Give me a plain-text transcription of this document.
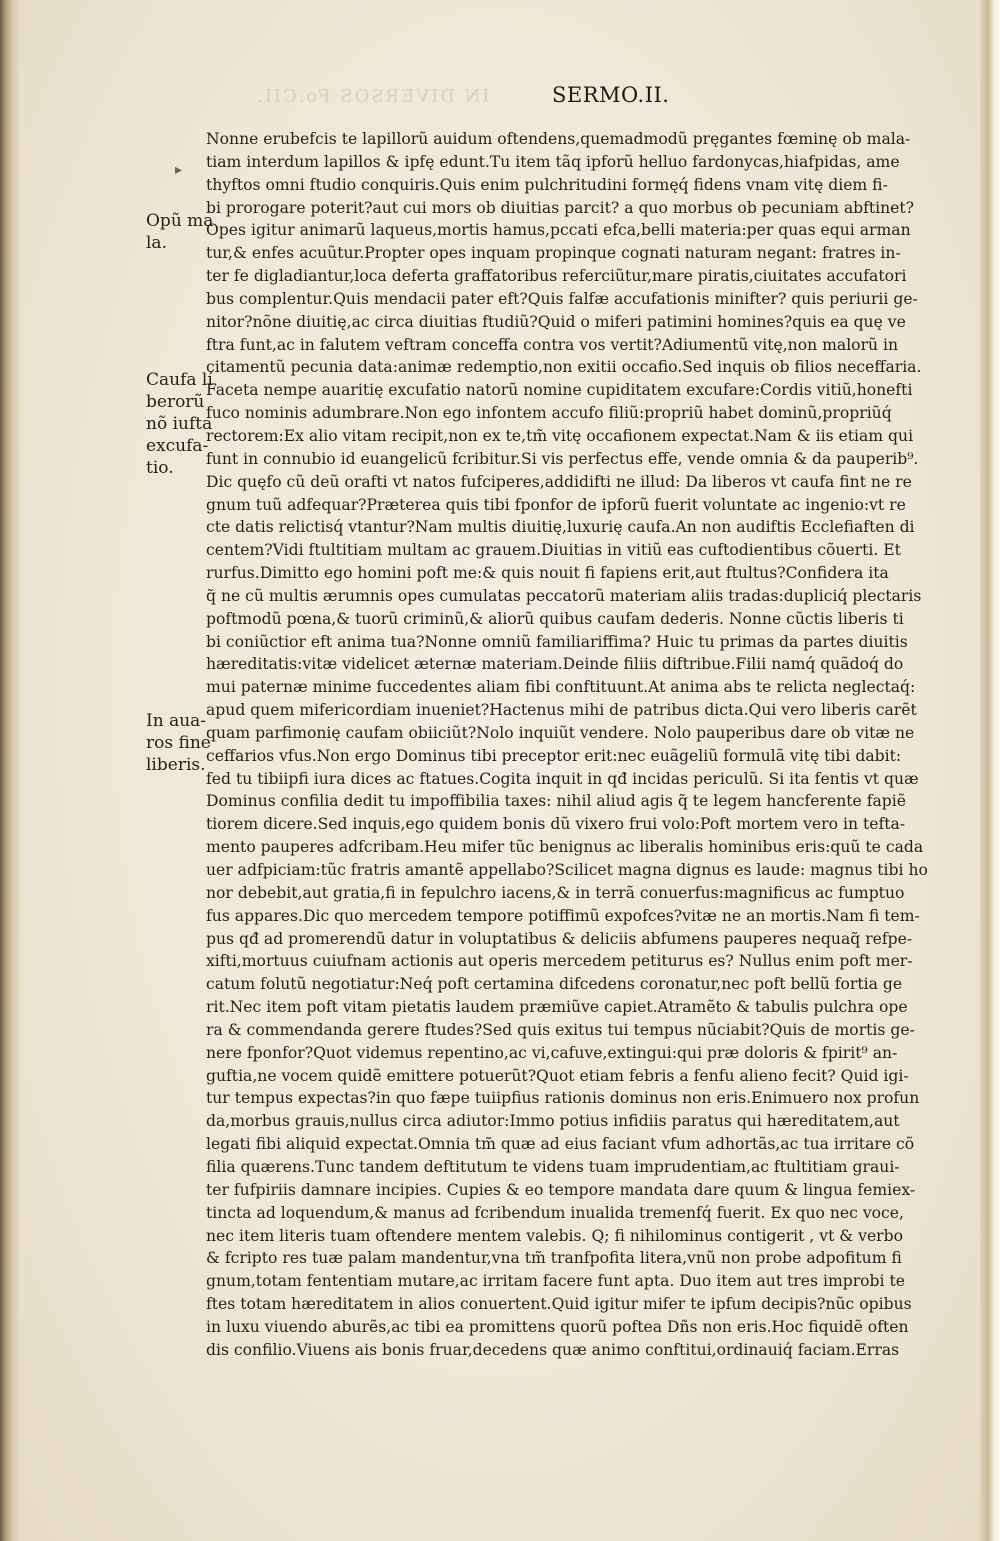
IN DIVERSOS Fo.CII.	SERMO.II.
Opũ ma
la.
Caufa lí
berorũ
nõ iufta
excufa-
tio.
In aua-
ros fine
liberis.
▸
Nonne erubefcis te lapillorũ auidum oftendens,quemadmodũ pręgantes fœminę ob mala-
tiam interdum lapillos & ipfę edunt.Tu item tãq ipforũ helluo fardonycas,hiafpidas, ame
thyftos omni ftudio conquiris.Quis enim pulchritudini formęq́ fidens vnam vitę diem fi-
bi prorogare poterit?aut cui mors ob diuitias parcit? a quo morbus ob pecuniam abftinet?
Opes igitur animarũ laqueus,mortis hamus,pccati efca,belli materia:per quas equi arman
tur,& enfes acuũtur.Propter opes inquam propinque cognati naturam negant: fratres in-
ter fe digladiantur,loca deferta graffatoribus referciũtur,mare piratis,ciuitates accufatori
bus complentur.Quis mendacii pater eft?Quis falfæ accufationis minifter? quis periurii ge-
nitor?nõne diuitię,ac circa diuitias ftudiũ?Quid o miferi patimini homines?quis ea quę ve
ftra funt,ac in falutem veftram conceffa contra vos vertit?Adiumentũ vitę,non malorũ in
citamentũ pecunia data:animæ redemptio,non exitii occafio.Sed inquis ob filios neceffaria.
Faceta nempe auaritię excufatio natorũ nomine cupiditatem excufare:Cordis vitiũ,honefti
fuco nominis adumbrare.Non ego infontem accufo filiũ:propriũ habet dominũ,propriũq́
rectorem:Ex alio vitam recipit,non ex te,tm̃ vitę occafionem expectat.Nam & iis etiam qui
funt in connubio id euangelicũ fcribitur.Si vis perfectus effe, vende omnia & da pauperib⁹.
Dic quęfo cũ deũ orafti vt natos fufciperes,addidifti ne illud: Da liberos vt caufa fint ne re
gnum tuũ adfequar?Præterea quis tibi fponfor de ipforũ fuerit voluntate ac ingenio:vt re
cte datis relictisq́ vtantur?Nam multis diuitię,luxurię caufa.An non audiftis Ecclefiaften di
centem?Vidi ftultitiam multam ac grauem.Diuitias in vitiũ eas cuftodientibus cõuerti. Et
rurfus.Dimitto ego homini poft me:& quis nouit fi fapiens erit,aut ftultus?Confidera ita
q̃ ne cũ multis ærumnis opes cumulatas peccatorũ materiam aliis tradas:dupliciq́ plectaris
poftmodũ pœna,& tuorũ criminũ,& aliorũ quibus caufam dederis. Nonne cũctis liberis ti
bi coniũctior eft anima tua?Nonne omniũ familiariffima? Huic tu primas da partes diuitis
hæreditatis:vitæ videlicet æternæ materiam.Deinde filiis diftribue.Filii namq́ quãdoq́ do
mui paternæ minime fuccedentes aliam fibi conftituunt.At anima abs te relicta neglectaq́:
apud quem mifericordiam inueniet?Hactenus mihi de patribus dicta.Qui vero liberis carẽt
quam parfimonię caufam obiiciũt?Nolo inquiũt vendere. Nolo pauperibus dare ob vitæ ne
ceffarios vfus.Non ergo Dominus tibi preceptor erit:nec euãgeliũ formulã vitę tibi dabit:
fed tu tibiipfi iura dices ac ftatues.Cogita inquit in qđ incidas periculũ. Si ita fentis vt quæ
Dominus confilia dedit tu impoffibilia taxes: nihil aliud agis q̃ te legem hancferente fapiẽ
tiorem dicere.Sed inquis,ego quidem bonis dũ vixero frui volo:Poft mortem vero in tefta-
mento pauperes adfcribam.Heu mifer tũc benignus ac liberalis hominibus eris:quũ te cada
uer adfpiciam:tũc fratris amantẽ appellabo?Scilicet magna dignus es laude: magnus tibi ho
nor debebit,aut gratia,fi in fepulchro iacens,& in terrã conuerfus:magnificus ac fumptuo
fus appares.Dic quo mercedem tempore potiffimũ expofces?vitæ ne an mortis.Nam fi tem-
pus qđ ad promerendũ datur in voluptatibus & deliciis abfumens pauperes nequaq̃ refpe-
xifti,mortuus cuiufnam actionis aut operis mercedem petiturus es? Nullus enim poft mer-
catum folutũ negotiatur:Neq́ poft certamina difcedens coronatur,nec poft bellũ fortia ge
rit.Nec item poft vitam pietatis laudem præmiũve capiet.Atramẽto & tabulis pulchra ope
ra & commendanda gerere ftudes?Sed quis exitus tui tempus nũciabit?Quis de mortis ge-
nere fponfor?Quot videmus repentino,ac vi,cafuve,extingui:qui præ doloris & fpirit⁹ an-
guftia,ne vocem quidẽ emittere potuerũt?Quot etiam febris a fenfu alieno fecit? Quid igi-
tur tempus expectas?in quo fæpe tuiipfius rationis dominus non eris.Enimuero nox profun
da,morbus grauis,nullus circa adiutor:Immo potius infidiis paratus qui hæreditatem,aut
legati fibi aliquid expectat.Omnia tm̃ quæ ad eius faciant vfum adhortãs,ac tua irritare cõ
filia quærens.Tunc tandem deftitutum te videns tuam imprudentiam,ac ftultitiam graui-
ter fufpiriis damnare incipies. Cupies & eo tempore mandata dare quum & lingua femiex-
tincta ad loquendum,& manus ad fcribendum inualida tremenfq́ fuerit. Ex quo nec voce,
nec item literis tuam oftendere mentem valebis. Q; fi nihilominus contigerit , vt & verbo
& fcripto res tuæ palam mandentur,vna tm̃ tranfpofita litera,vnũ non probe adpofitum fi
gnum,totam fententiam mutare,ac irritam facere funt apta. Duo item aut tres improbi te
ftes totam hæreditatem in alios conuertent.Quid igitur mifer te ipfum decipis?nũc opibus
in luxu viuendo aburẽs,ac tibi ea promittens quorũ poftea Dñs non eris.Hoc fiquidẽ often
dis confilio.Viuens ais bonis fruar,decedens quæ animo conftitui,ordinauiq́ faciam.Erras
